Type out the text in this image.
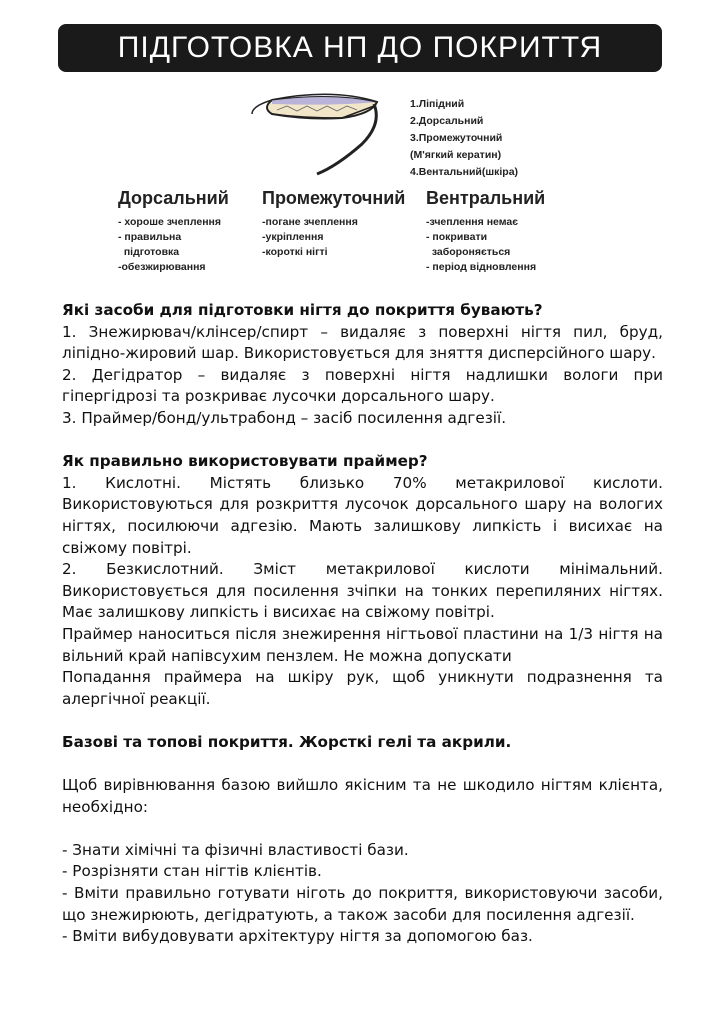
ПІДГОТОВКА НП ДО ПОКРИТТЯ
1.Ліпідний
2.Дорсальний
3.Промежуточний
(М'ягкий кератин)
4.Вентальний(шкіра)
Дорсальний
- хороше зчеплення
- правильна
підготовка
-обезжирювання
Промежуточний
-погане зчеплення
-укріплення
-короткі нігті
Вентральний
-зчеплення немає
- покривати
забороняється
- період відновлення

Які засоби для підготовки нігтя до покриття бувають?

1. Знежирювач/клінсер/спирт – видаляє з поверхні нігтя пил, бруд, ліпідно-жировий шар. Використовується для зняття дисперсійного шару.

2. Дегідратор – видаляє з поверхні нігтя надлишки вологи при гіпергідрозі та розкриває лусочки дорсального шару.

3. Праймер/бонд/ультрабонд – засіб посилення адгезії.

Як правильно використовувати праймер?

1. Кислотні. Містять близько 70% метакрилової кислоти. Використовуються для розкриття лусочок дорсального шару на вологих нігтях, посилюючи адгезію. Мають залишкову липкість і висихає на свіжому повітрі.

2. Безкислотний. Зміст метакрилової кислоти мінімальний. Використовується для посилення зчіпки на тонких перепиляних нігтях. Має залишкову липкість і висихає на свіжому повітрі.

Праймер наноситься після знежирення нігтьової пластини на 1/3 нігтя на вільний край напівсухим пензлем. Не можна допускати

Попадання праймера на шкіру рук, щоб уникнути подразнення та алергічної реакції.

Базові та топові покриття. Жорсткі гелі та акрили.

Щоб вирівнювання базою вийшло якісним та не шкодило нігтям клієнта, необхідно:

- Знати хімічні та фізичні властивості бази.

- Розрізняти стан нігтів клієнтів.

- Вміти правильно готувати ніготь до покриття, використовуючи засоби, що знежирюють, дегідратують, а також засоби для посилення адгезії.

- Вміти вибудовувати архітектуру нігтя за допомогою баз.
